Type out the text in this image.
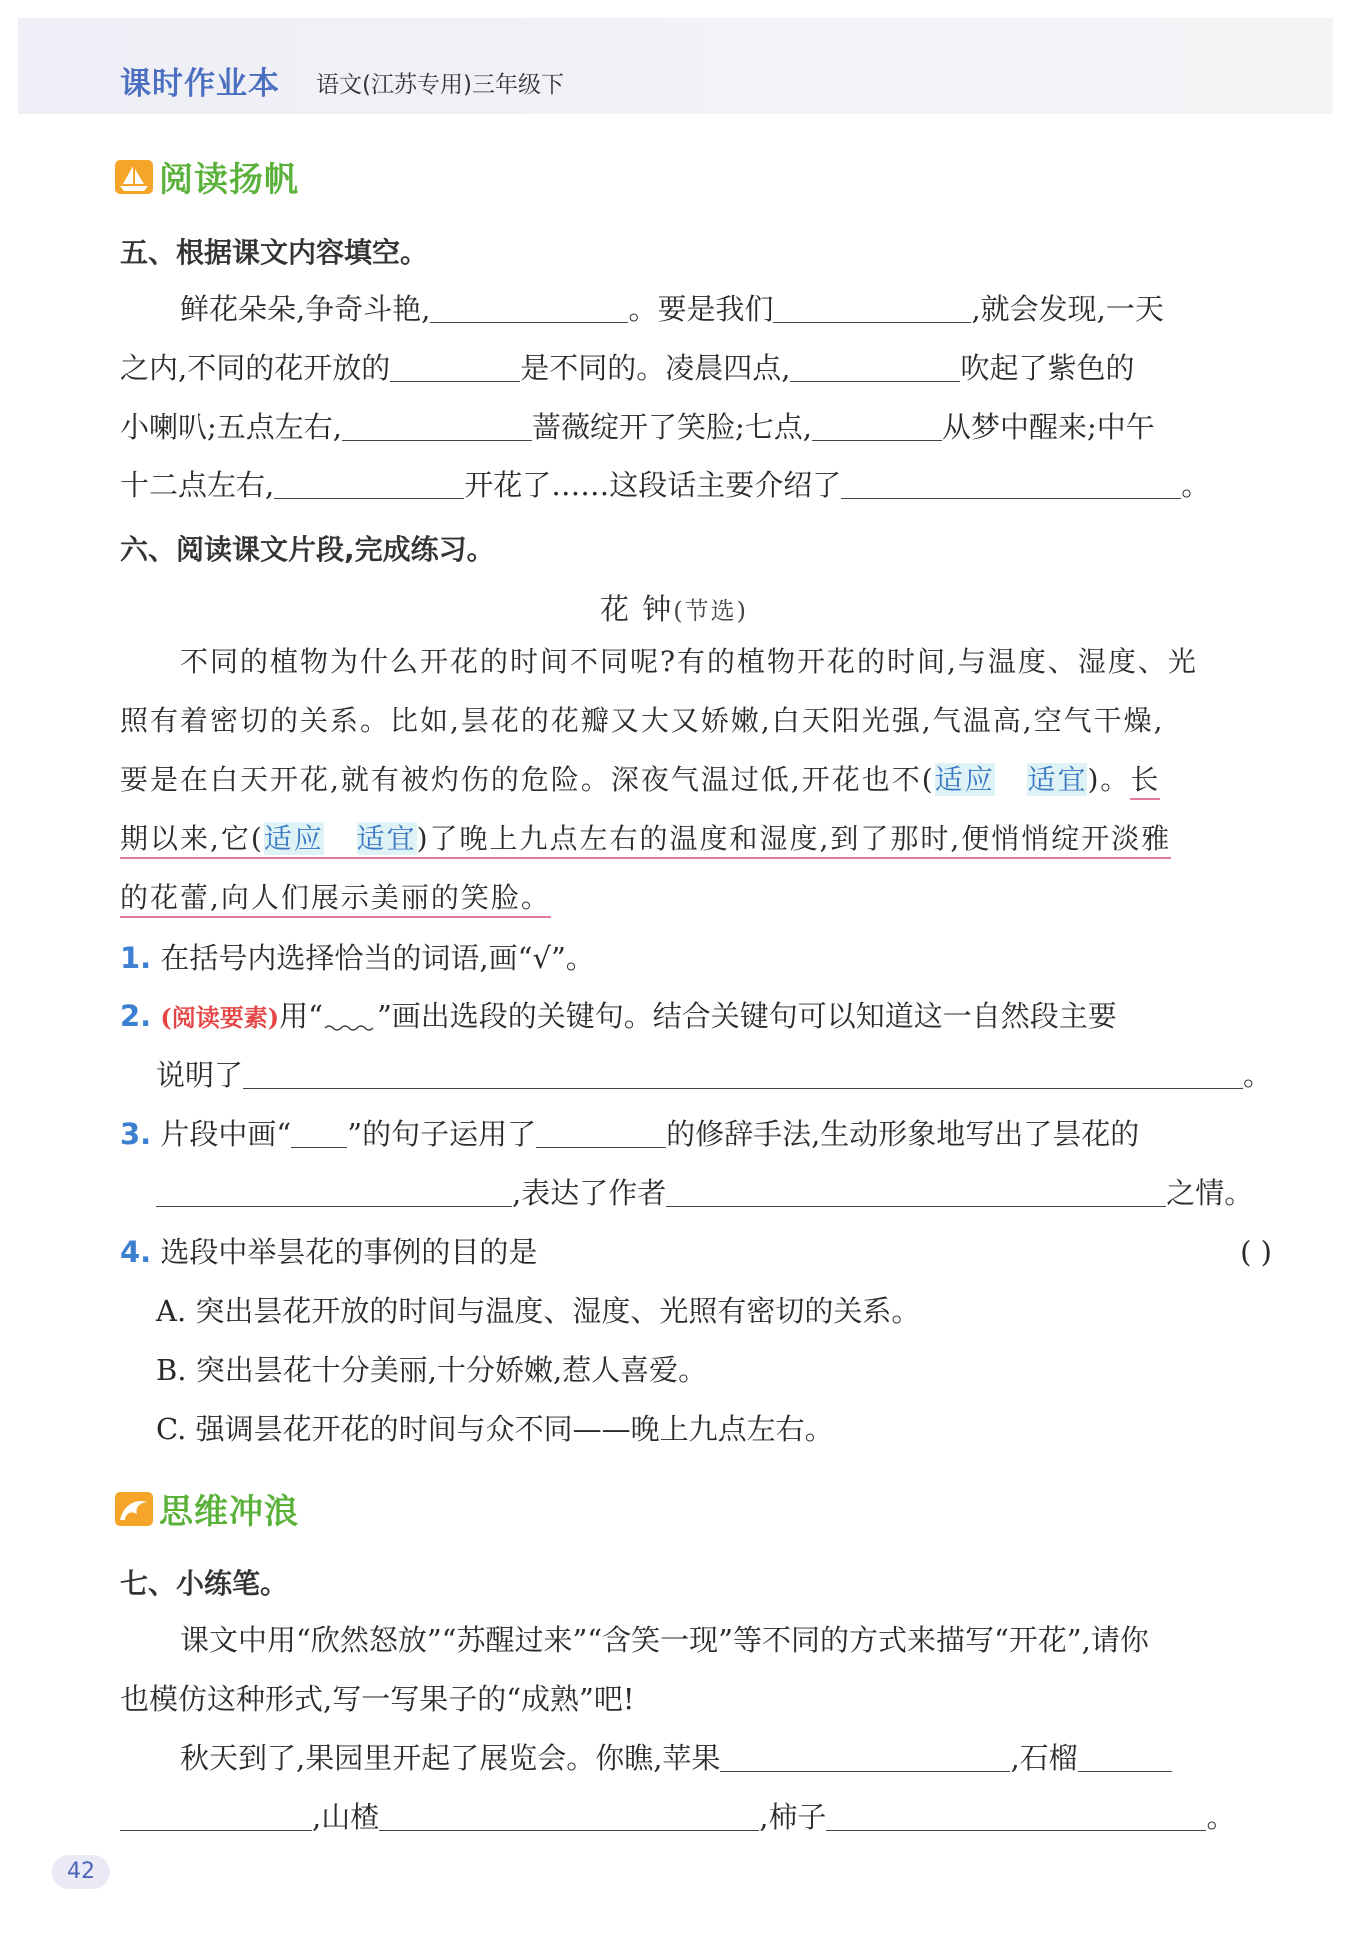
课时作业本 语文(江苏专用)三年级下
阅读扬帆
五、根据课文内容填空。
鲜花朵朵,争奇斗艳,	。要是我们	,就会发现,一天
之内,不同的花开放的	是不同的。凌晨四点,	吹起了紫色的
小喇叭;五点左右,	蔷薇绽开了笑脸;七点,	从梦中醒来;中午
十二点左右,	开花了……这段话主要介绍了	。
六、阅读课文片段,完成练习。
花 钟(节选)
不同的植物为什么开花的时间不同呢?有的植物开花的时间,与温度、湿度、光
照有着密切的关系。比如,昙花的花瓣又大又娇嫩,白天阳光强,气温高,空气干燥,
要是在白天开花,就有被灼伤的危险。深夜气温过低,开花也不(适应 适宜)。长
期以来,它(适应 适宜)了晚上九点左右的温度和湿度,到了那时,便悄悄绽开淡雅
的花蕾,向人们展示美丽的笑脸。
1. 在括号内选择恰当的词语,画“√”。
2. (阅读要素)用“ ”画出选段的关键句。结合关键句可以知道这一自然段主要
说明了	。
3. 片段中画“ ”的句子运用了	的修辞手法,生动形象地写出了昙花的
,表达了作者	之情。
4. 选段中举昙花的事例的目的是	( )
A. 突出昙花开放的时间与温度、湿度、光照有密切的关系。
B. 突出昙花十分美丽,十分娇嫩,惹人喜爱。
C. 强调昙花开花的时间与众不同——晚上九点左右。
思维冲浪
七、小练笔。
课文中用“欣然怒放”“苏醒过来”“含笑一现”等不同的方式来描写“开花”,请你
也模仿这种形式,写一写果子的“成熟”吧!
秋天到了,果园里开起了展览会。你瞧,苹果	,石榴
,山楂	,柿子	。
42
